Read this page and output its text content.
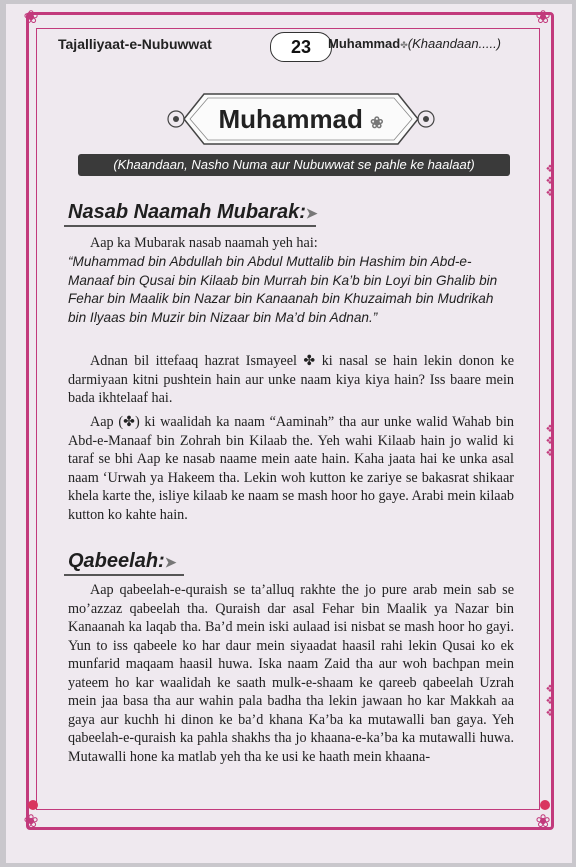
❀	❀
❀	❀
❖
❖
❖
❖
❖
❖
❖
❖
❖
Tajalliyaat-e-Nubuwwat	23	Muhammad✤(Khaandaan.....)
Muhammad ❀
(Khaandaan, Nasho Numa aur Nubuwwat se pahle ke haalaat)
Nasab Naamah Mubarak:➤

Aap ka Mubarak nasab naamah yeh hai:

“Muhammad bin Abdullah bin Abdul Muttalib bin Hashim bin Abd-e-Manaaf bin Qusai bin Kilaab bin Murrah bin Ka’b bin Loyi bin Ghalib bin Fehar bin Maalik bin Nazar bin Kanaanah bin Khuzaimah bin Mudrikah bin Ilyaas bin Muzir bin Nizaar bin Ma’d bin Adnan.”

Adnan bil ittefaaq hazrat Ismayeel ✤ ki nasal se hain lekin donon ke darmiyaan kitni pushtein hain aur unke naam kiya kiya hain? Iss baare mein bada ikhtelaaf hai.

Aap (✤) ki waalidah ka naam “Aaminah” tha aur unke walid Wahab bin Abd-e-Manaaf bin Zohrah bin Kilaab the. Yeh wahi Kilaab hain jo walid ki taraf se bhi Aap ke nasab naame mein aate hain. Kaha jaata hai ke unka asal naam ‘Urwah ya Hakeem tha. Lekin woh kutton ke zariye se bakasrat shikaar khela karte the, isliye kilaab ke naam se mash hoor ho gaye. Arabi mein kilaab kutton ko kahte hain.

Qabeelah:➤

Aap qabeelah-e-quraish se ta’alluq rakhte the jo pure arab mein sab se mo’azzaz qabeelah tha. Quraish dar asal Fehar bin Maalik ya Nazar bin Kanaanah ka laqab tha. Ba’d mein iski aulaad isi nisbat se mash hoor ho gayi. Yun to iss qabeele ko har daur mein siyaadat haasil rahi lekin Qusai ko ek munfarid maqaam haasil huwa. Iska naam Zaid tha aur woh bachpan mein yateem ho kar waalidah ke saath mulk-e-shaam ke qareeb qabeelah Uzrah mein jaa basa tha aur wahin pala badha tha lekin jawaan ho kar Makkah aa gaya aur kuchh hi dinon ke ba’d khana Ka’ba ka mutawalli ban gaya. Yeh qabeelah-e-quraish ka pahla shakhs tha jo khaana-e-ka’ba ka mutawalli huwa. Mutawalli hone ka matlab yeh tha ke usi ke haath mein khaana-
